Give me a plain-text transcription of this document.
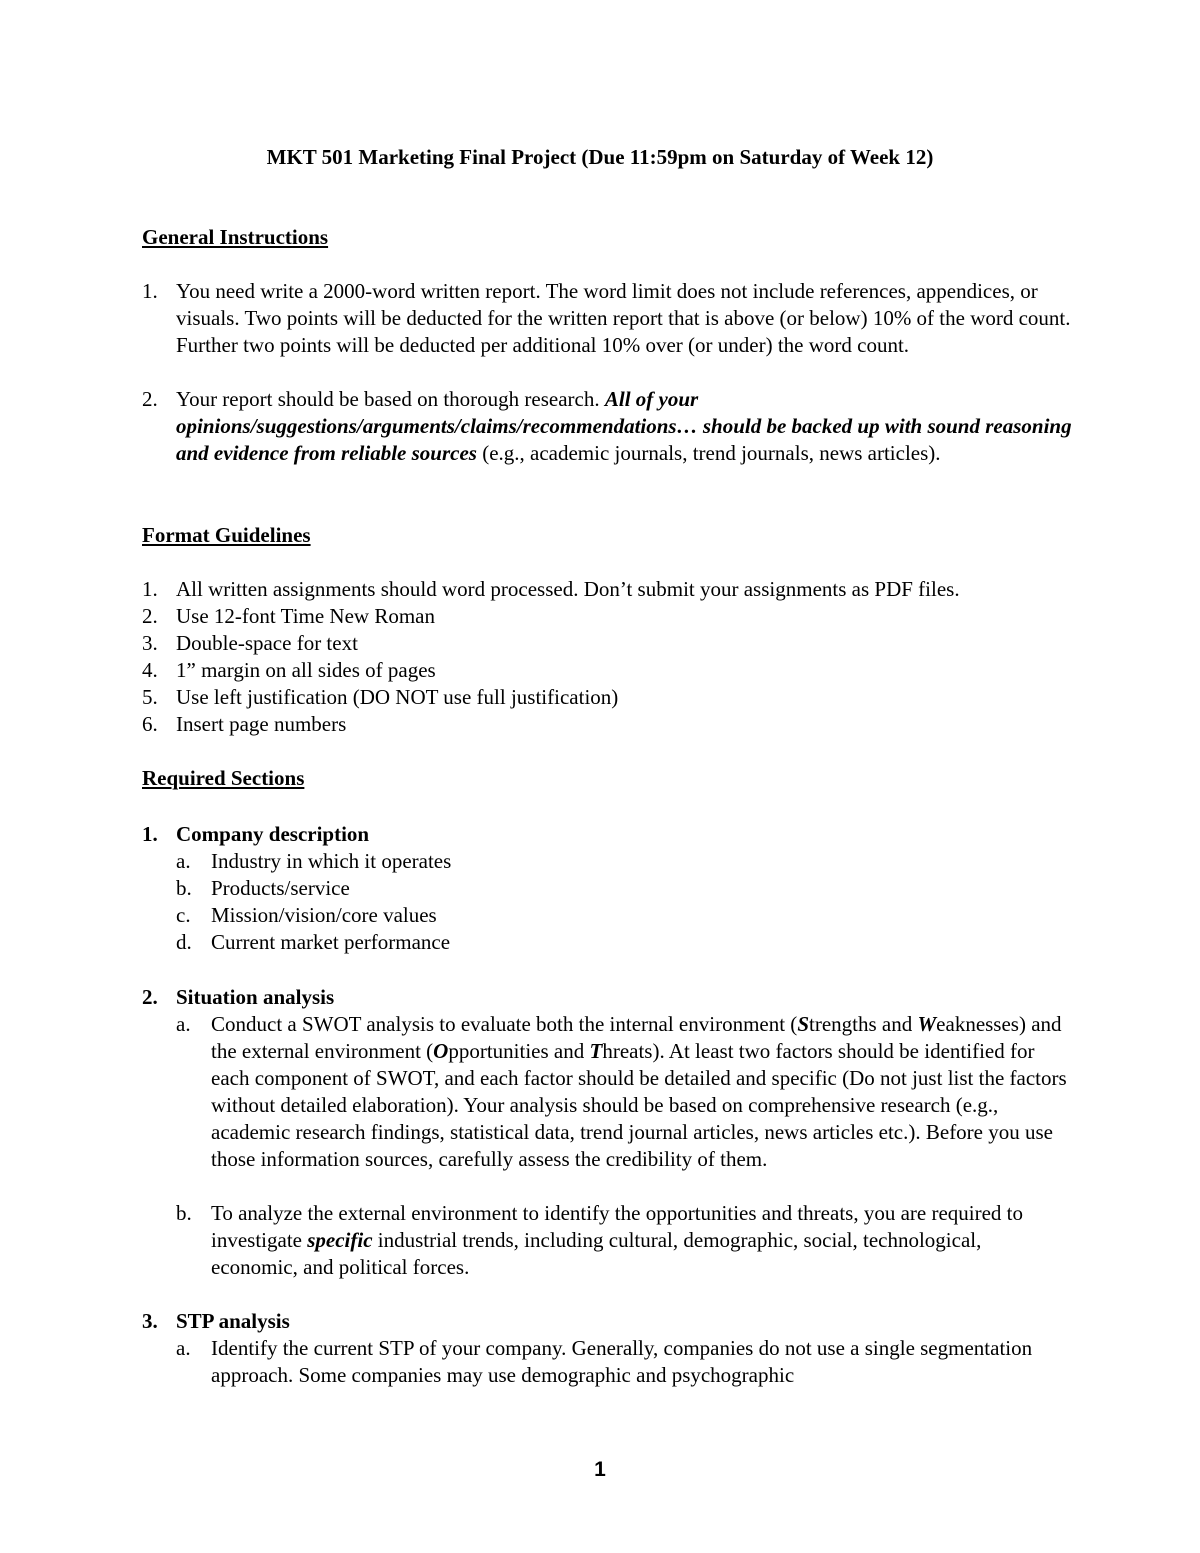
MKT 501 Marketing Final Project (Due 11:59pm on Saturday of Week 12)
General Instructions
1. You need write a 2000-word written report. The word limit does not include references, appendices, or visuals. Two points will be deducted for the written report that is above (or below) 10% of the word count. Further two points will be deducted per additional 10% over (or under) the word count.
2. Your report should be based on thorough research. All of your opinions/suggestions/arguments/claims/recommendations… should be backed up with sound reasoning and evidence from reliable sources (e.g., academic journals, trend journals, news articles).
Format Guidelines
1. All written assignments should word processed. Don’t submit your assignments as PDF files.
2. Use 12-font Time New Roman
3. Double-space for text
4. 1” margin on all sides of pages
5. Use left justification (DO NOT use full justification)
6. Insert page numbers
Required Sections
1. Company description
a. Industry in which it operates
b. Products/service
c. Mission/vision/core values
d. Current market performance
2. Situation analysis
a. Conduct a SWOT analysis to evaluate both the internal environment (Strengths and Weaknesses) and the external environment (Opportunities and Threats). At least two factors should be identified for each component of SWOT, and each factor should be detailed and specific (Do not just list the factors without detailed elaboration). Your analysis should be based on comprehensive research (e.g., academic research findings, statistical data, trend journal articles, news articles etc.). Before you use those information sources, carefully assess the credibility of them.
b. To analyze the external environment to identify the opportunities and threats, you are required to investigate specific industrial trends, including cultural, demographic, social, technological, economic, and political forces.
3. STP analysis
a. Identify the current STP of your company. Generally, companies do not use a single segmentation approach. Some companies may use demographic and psychographic
1
